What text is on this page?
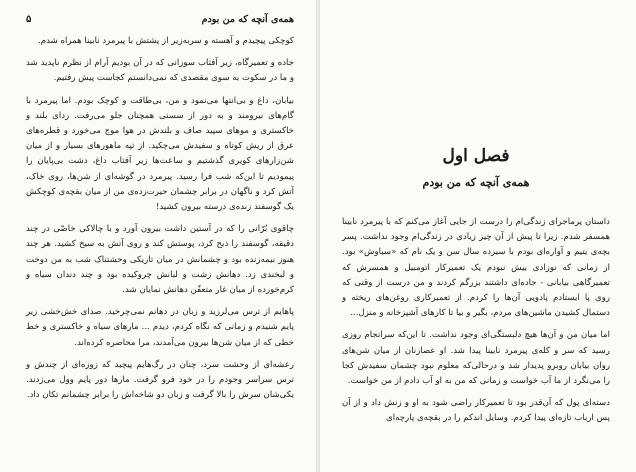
همه‌ی آنچه که من بودم
۵

کوچکی پیچیدم و آهسته و سربه‌زیر از پشتش با پیرمرد نابینا همراه شدم.

جاده و تعمیرگاه، زیر آفتاب سوزانی که در آن بودیم آرام از نظرم ناپدید شد و ما در سکوت به سوی مقصدی که نمی‌دانستم کجاست پیش رفتیم.

بیابان، داغ و بی‌انتها می‌نمود و من، بی‌طاقت و کوچک بودم. اما پیرمرد با گام‌های نیرومند و به دور از سستی همچنان جلو می‌رفت. ردای بلند و خاکستری و موهای سپید صاف و بلندش در هوا موج می‌خورد و قطره‌های عرق از ریش کوتاه و سفیدش می‌چکید. از تپه ماهورهای بسیار و از میان شن‌زارهای کویری گذشتیم و ساعت‌ها زیر آفتاب داغ، دشت بی‌پایان را پیمودیم تا این‌که شب فرا رسید. پیرمرد در گوشه‌ای از شن‌ها، روی خاک، آتش کرد و ناگهان در برابر چشمان حیرت‌زده‌ی من از میان بقچه‌ی کوچکش یک گوسفند زنده‌ی درسته بیرون کشید!

چاقوی بُرّانی را که در آستین داشت بیرون آورد و با چالاکی خاصّی در چند دقیقه، گوسفند را ذبح کرد، پوستش کند و روی آتش به سیخ کشید. هر چند هنوز نیمه‌زنده بود و چشمانش در میان تاریکی وحشتناک شب به من دوخت و لبخندی زد. دهانش زشت و لبانش چروکیده بود و چند دندان سیاه و کرم‌خورده از میان غار متعفّن دهانش نمایان شد.

پاهایم از ترس می‌لرزید و زبان در دهانم نمی‌چرخید. صدای خش‌خشی زیر پایم شنیدم و زمانی که نگاه کردم، دیدم ... مارهای سیاه و خاکستری و خط خطی که از میان شن‌ها بیرون می‌آمدند، مرا محاصره کرده‌اند.

رعشه‌ای از وحشت سرد، چنان در رگ‌هایم پیچید که زوزه‌ای از چندش و ترس سراسر وجودم را در خود فرو گرفت. مارها دور پایم وول می‌زدند. یکی‌شان سرش را بالا گرفت و زبان دو شاخه‌اش را برابر چشمانم تکان داد.

فصل اول
همه‌ی آنچه که من بودم

داستان پرماجرای زندگی‌ام را درست از جایی آغاز می‌کنم که با پیرمرد نابینا همسفر شدم. زیرا تا پیش از آن چیز زیادی در زندگی‌ام وجود نداشت. پسر بچه‌ی یتیم و آواره‌ای بودم با سیزده سال سن و یک نام که «سیاوش» بود. از زمانی که نوزادی بیش نبودم یک تعمیرکار اتومبیل و همسرش که تعمیرگاهی بیابانی - جاده‌ای داشتند بزرگم کردند و من درست از وقتی که روی پا ایستادم پادویی آن‌ها را کردم. از تعمیرکاری روغن‌های ریخته و دستمال کشیدن ماشین‌های مردم، بگیر و بیا تا کارهای آشپزخانه و منزل...

اما میان من و آن‌ها هیچ دلبستگی‌ای وجود نداشت. تا این‌که سرانجام روزی رسید که سر و کله‌ی پیرمرد نابینا پیدا شد. او عصازنان از میان شن‌های روان بیابان روبرو پدیدار شد و درحالی‌که معلوم نبود چشمان سفیدش کجا را می‌نگرد از ما آب خواست و زمانی که من به او آب دادم از من خواست.

دسته‌ای پول که آن‌قدر بود تا تعمیرکار راضی شود به او و زنش داد و از آن پس ارباب تازه‌ای پیدا کردم. وسایل اندکم را در بقچه‌ی پارچه‌ای
